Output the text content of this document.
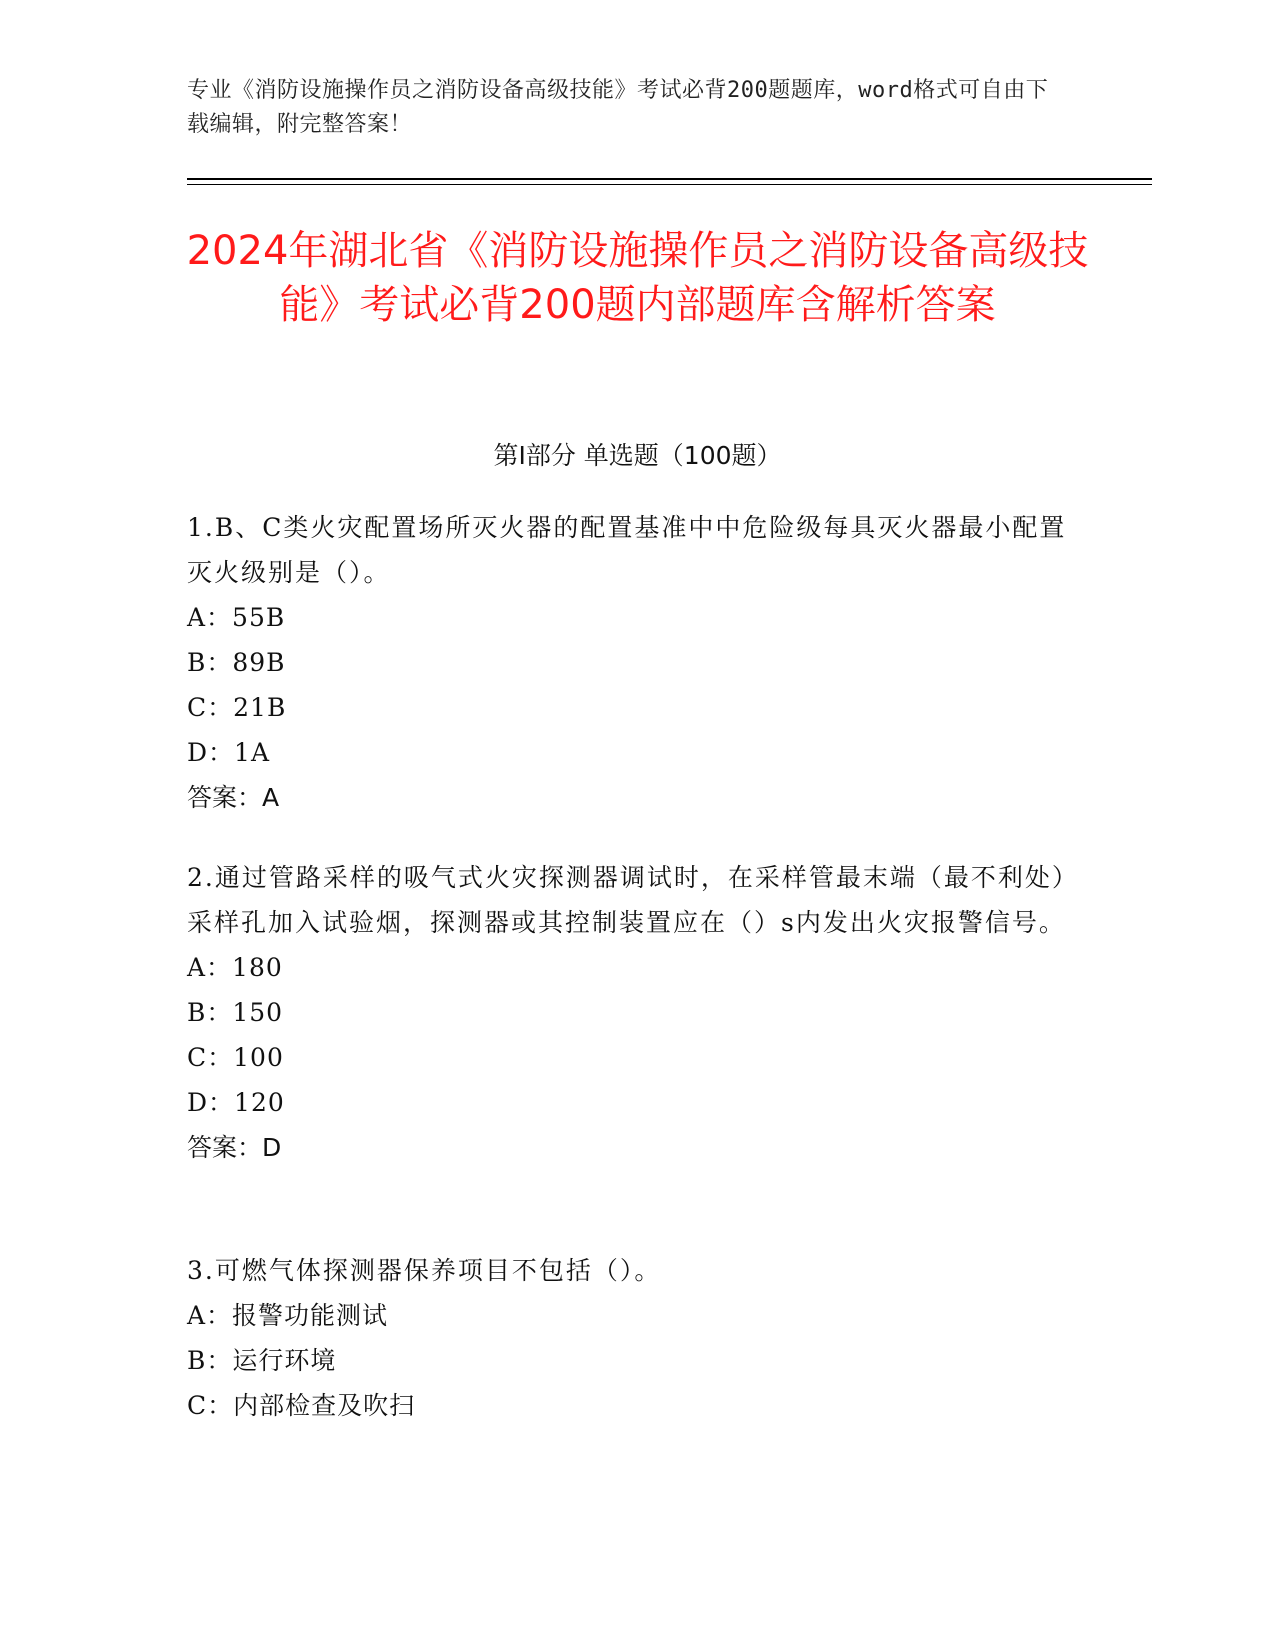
专业《消防设施操作员之消防设备高级技能》考试必背200题题库，word格式可自由下载编辑，附完整答案！
2024年湖北省《消防设施操作员之消防设备高级技能》考试必背200题内部题库含解析答案
第I部分 单选题（100题）

1.B、C类火灾配置场所灭火器的配置基准中中危险级每具灭火器最小配置灭火级别是（）。

A：55B

B：89B

C：21B

D：1A

答案：A

2.通过管路采样的吸气式火灾探测器调试时，在采样管最末端（最不利处）采样孔加入试验烟，探测器或其控制装置应在（）s内发出火灾报警信号。

A：180

B：150

C：100

D：120

答案：D

3.可燃气体探测器保养项目不包括（）。

A：报警功能测试

B：运行环境

C：内部检查及吹扫
